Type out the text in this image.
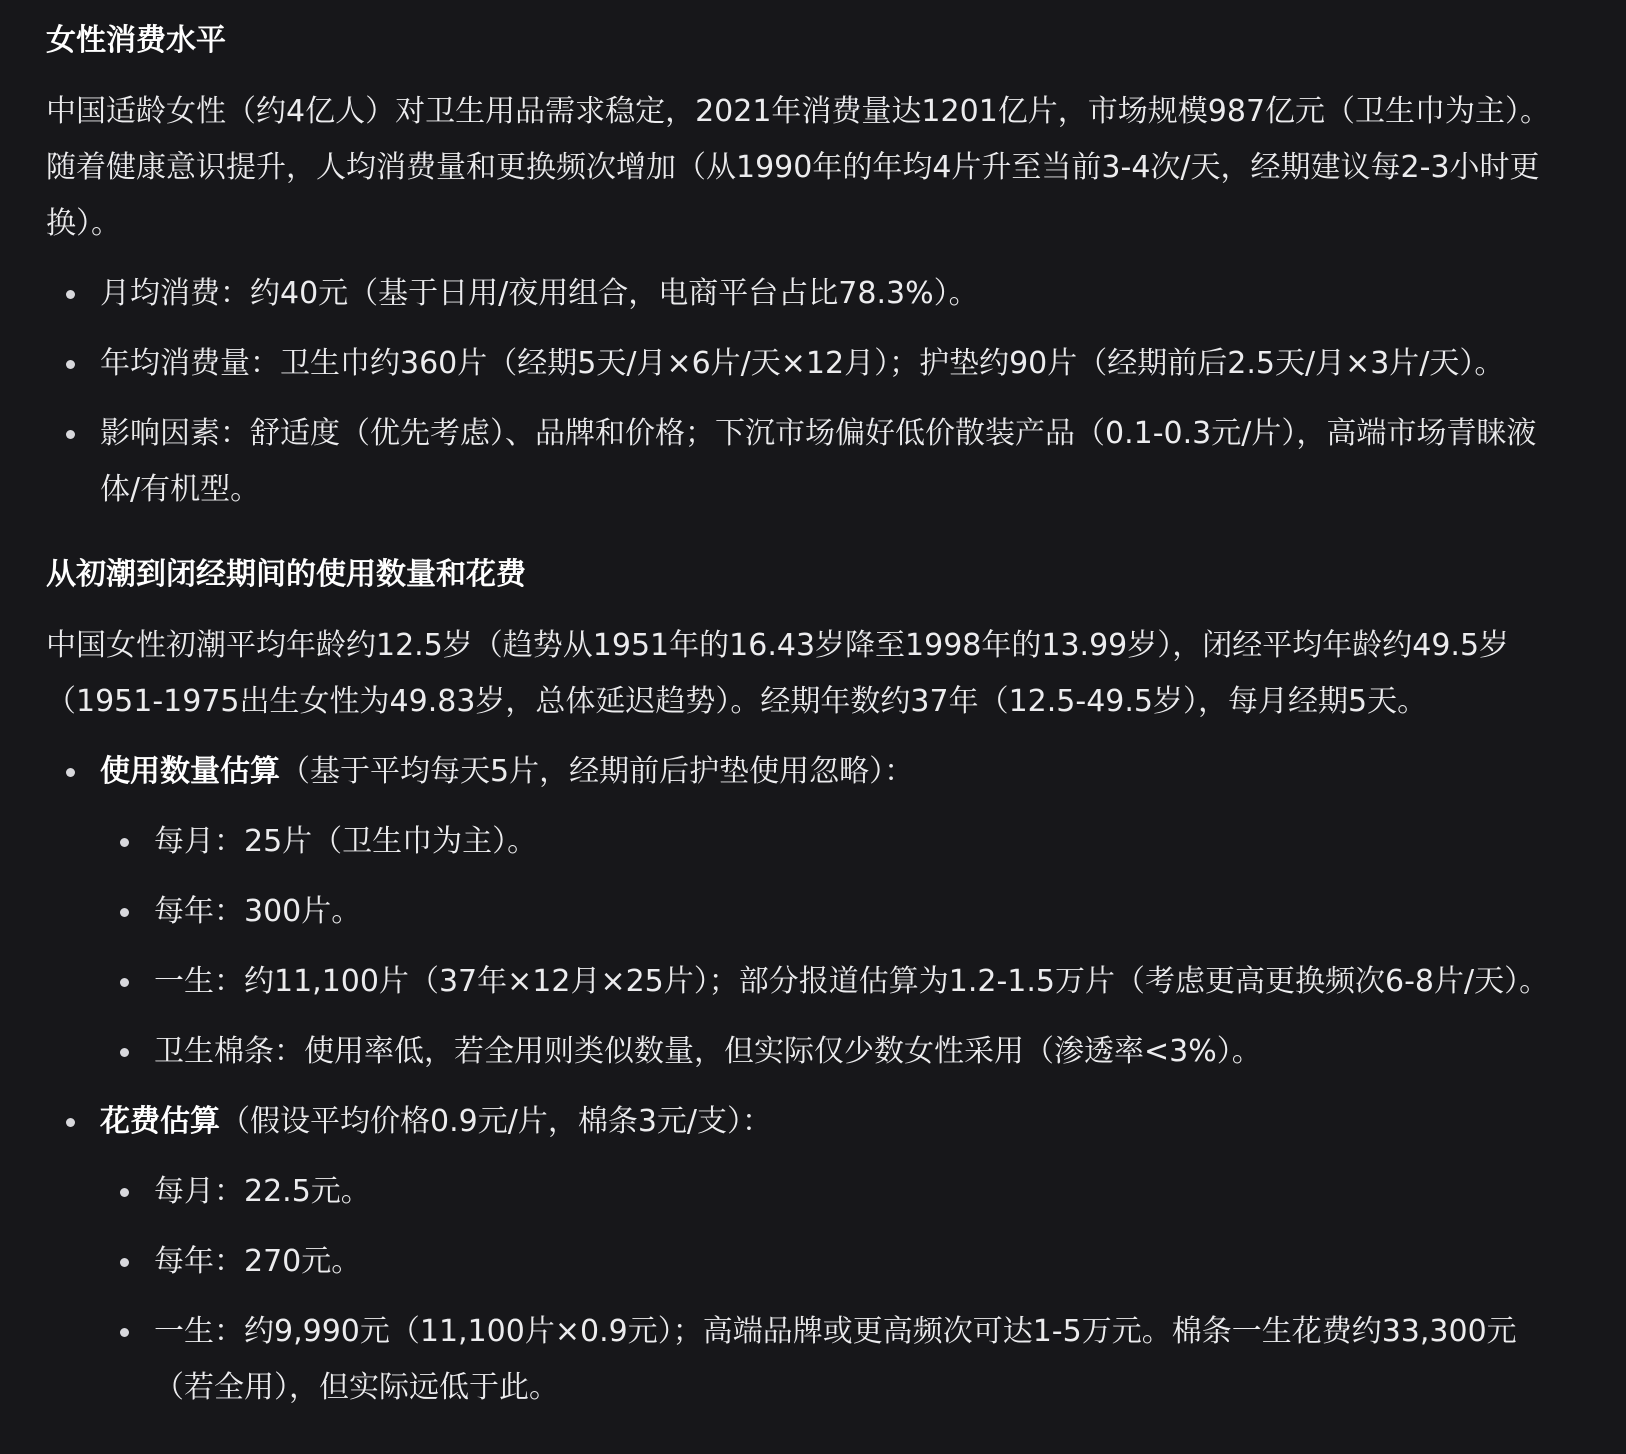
女性消费水平

中国适龄女性（约4亿人）对卫生用品需求稳定，2021年消费量达1201亿片，市场规模987亿元（卫生巾为主）。随着健康意识提升，人均消费量和更换频次增加（从1990年的年均4片升至当前3-4次/天，经期建议每2-3小时更换）。

月均消费：约40元（基于日用/夜用组合，电商平台占比78.3%）。
年均消费量：卫生巾约360片（经期5天/月×6片/天×12月）；护垫约90片（经期前后2.5天/月×3片/天）。
影响因素：舒适度（优先考虑）、品牌和价格；下沉市场偏好低价散装产品（0.1-0.3元/片），高端市场青睐液体/有机型。
从初潮到闭经期间的使用数量和花费

中国女性初潮平均年龄约12.5岁（趋势从1951年的16.43岁降至1998年的13.99岁），闭经平均年龄约49.5岁（1951-1975出生女性为49.83岁，总体延迟趋势）。经期年数约37年（12.5-49.5岁），每月经期5天。

使用数量估算（基于平均每天5片，经期前后护垫使用忽略）：
每月：25片（卫生巾为主）。
每年：300片。
一生：约11,100片（37年×12月×25片）；部分报道估算为1.2-1.5万片（考虑更高更换频次6-8片/天）。
卫生棉条：使用率低，若全用则类似数量，但实际仅少数女性采用（渗透率<3%）。
花费估算（假设平均价格0.9元/片，棉条3元/支）：
每月：22.5元。
每年：270元。
一生：约9,990元（11,100片×0.9元）；高端品牌或更高频次可达1-5万元。棉条一生花费约33,300元（若全用），但实际远低于此。
